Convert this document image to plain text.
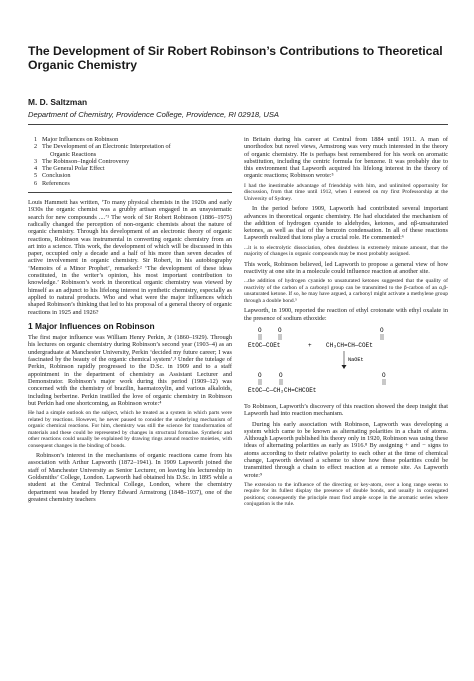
The Development of Sir Robert Robinson’s Contributions to Theoretical Organic Chemistry

M. D. Saltzman

Department of Chemistry, Providence College, Providence, RI 02918, USA

1 Major Influences on Robinson
2 The Development of an Electronic Interpretation of
Organic Reactions
3 The Robinson–Ingold Controversy
4 The General Polar Effect
5 Conclusion
6 References

Louis Hammett has written, ‘To many physical chemists in the 1920s and early 1930s the organic chemist was a grubby artisan engaged in an unsystematic search for new compounds ....’¹ The work of Sir Robert Robinson (1886–1975) radically changed the perception of non-organic chemists about the nature of organic chemistry. Through his development of an electronic theory of organic reactions, Robinson was instrumental in converting organic chemistry from an art into a science. This work, the development of which will be discussed in this paper, occupied only a decade and a half of his more than seven decades of active involvement in organic chemistry. Sir Robert, in his autobiography ‘Memoirs of a Minor Prophet’, remarked:² ‘The development of these ideas constituted, in the writer’s opinion, his most important contribution to knowledge.’ Robinson’s work in theoretical organic chemistry was viewed by himself as an adjunct to his lifelong interest in synthetic chemistry, especially as applied to natural products. Who and what were the major influences which shaped Robinson’s thinking that led to his proposal of a general theory of organic reactions in 1925 and 1926?

1 Major Influences on Robinson

The first major influence was William Henry Perkin, Jr (1860–1929). Through his lectures on organic chemistry during Robinson’s second year (1903–4) as an undergraduate at Manchester University, Perkin ‘decided my future career; I was fascinated by the beauty of the organic chemical system’.³ Under the tutelage of Perkin, Robinson rapidly progressed to the D.Sc. in 1909 and to a staff appointment in the department of chemistry as Assistant Lecturer and Demonstrator. Robinson’s major work during this period (1909–12) was concerned with the chemistry of brazilin, haematoxylin, and various alkaloids, including berberine. Perkin instilled the love of organic chemistry in Robinson but Perkin had one shortcoming, as Robinson wrote:⁴

He had a simple outlook on the subject, which he treated as a system in which parts were related by reactions. However, he never paused to consider the underlying mechanism of organic chemical reactions. For him, chemistry was still the science for transformation of materials and these could be represented by changes in structural formulae. Synthetic and other reactions could usually be explained by drawing rings around reactive moieties, with consequent changes in the binding of bonds.

Robinson’s interest in the mechanisms of organic reactions came from his association with Arthur Lapworth (1872–1941). In 1909 Lapworth joined the staff of Manchester University as Senior Lecturer, on leaving his lectureship in Goldsmiths’ College, London. Lapworth had obtained his D.Sc. in 1895 while a student at the Central Technical College, London, where the chemistry department was headed by Henry Edward Armstrong (1848–1937), one of the greatest chemistry teachers

in Britain during his career at Central from 1884 until 1911. A man of unorthodox but novel views, Armstrong was very much interested in the theory of organic chemistry. He is perhaps best remembered for his work on aromatic substitution, including the centric formula for benzene. It was probably due to this environment that Lapworth acquired his lifelong interest in the theory of organic reactions; Robinson wrote:⁵

I had the inestimable advantage of friendship with him, and unlimited opportunity for discussion, from that time until 1912, when I entered on my first Professorship at the University of Sydney.

In the period before 1909, Lapworth had contributed several important advances in theoretical organic chemistry. He had elucidated the mechanism of the addition of hydrogen cyanide to aldehydes, ketones, and αβ-unsaturated ketones, as well as that of the benzoin condensation. In all of these reactions Lapworth realized that ions play a crucial role. He commented:⁶

...it is to electrolytic dissociation, often doubtless in extremely minute amount, that the majority of changes in organic compounds may be most probably assigned.

This work, Robinson believed, led Lapworth to propose a general view of how reactivity at one site in a molecule could influence reaction at another site.

...the addition of hydrogen cyanide to unsaturated ketones suggested that the quality of reactivity of the carbon of a carbonyl group can be transmitted to the β-carbon of an α,β-unsaturated ketone. If so, he may have argued, a carbonyl might activate a methylene group through a double bond.⁵

Lapworth, in 1900, reported the reaction of ethyl crotonate with ethyl oxalate in the presence of sodium ethoxide:

O	O
EtOC—COEt	+
O
CH₃CH=CH—COEt
NaOEt
O	O	O
EtOC—C—CH₂CH=CHCOEt

To Robinson, Lapworth’s discovery of this reaction showed the deep insight that Lapworth had into reaction mechanism.

During his early association with Robinson, Lapworth was developing a system which came to be known as alternating polarities in a chain of atoms. Although Lapworth published his theory only in 1920, Robinson was using these ideas of alternating polarities as early as 1916.⁸ By assigning + and − signs to atoms according to their relative polarity to each other at the time of chemical change, Lapworth devised a scheme to show how these polarities could be transmitted through a chain to effect reaction at a remote site. As Lapworth wrote:⁹

The extension to the influence of the directing or key-atom, over a long range seems to require for its fullest display the presence of double bonds, and usually in conjugated positions; consequently the principle must find ample scope in the aromatic series where conjugation is the rule.
